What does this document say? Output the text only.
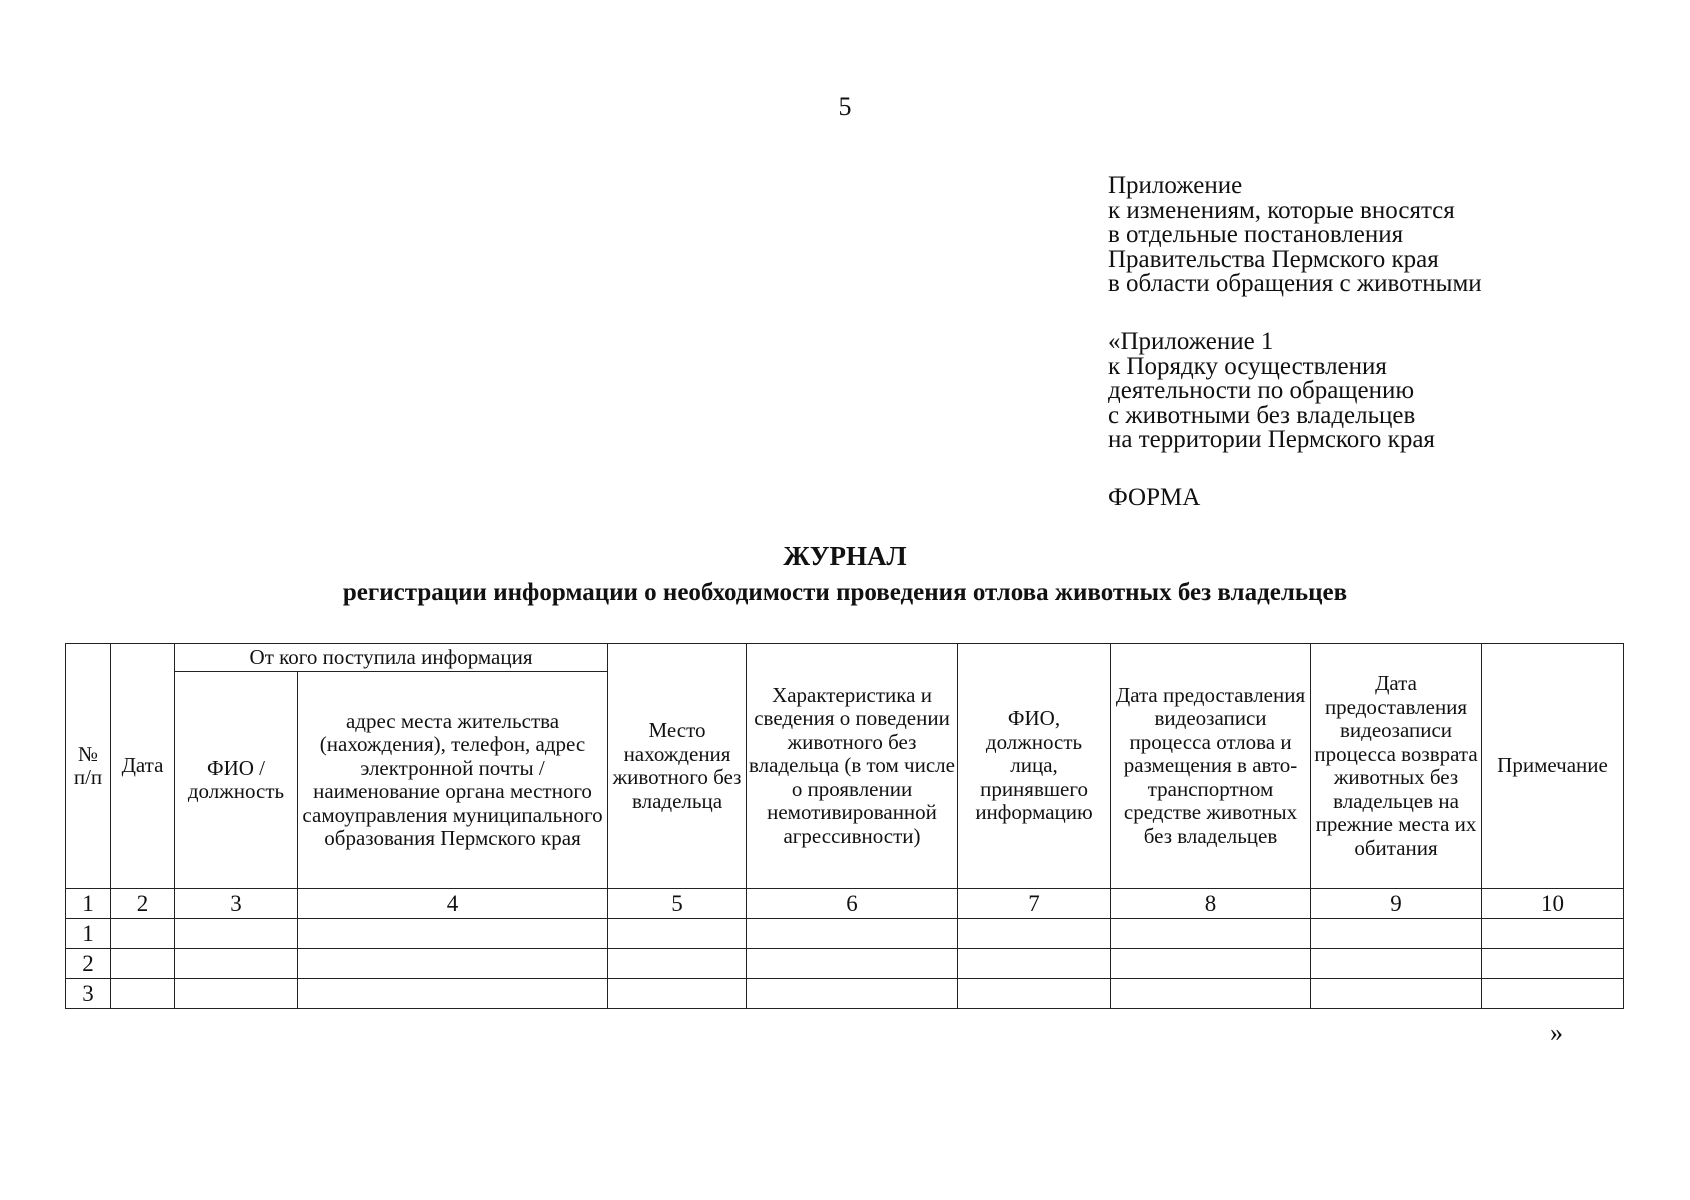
5
Приложение
к изменениям, которые вносятся
в отдельные постановления
Правительства Пермского края
в области обращения с животными
«Приложение 1
к Порядку осуществления
деятельности по обращению
с животными без владельцев
на территории Пермского края
ФОРМА
ЖУРНАЛ
регистрации информации о необходимости проведения отлова животных без владельцев
№ п/п	Дата	От кого поступила информация		Место нахождения животного без владельца	Характеристика и сведения о поведении животного без владельца (в том числе о проявлении немотивированной агрессивности)	ФИО, должность лица, принявшего информацию	Дата предоставления видеозаписи процесса отлова и размещения в авто-транспортном средстве животных без владельцев	Дата предоставления видеозаписи процесса возврата животных без владельцев на прежние места их обитания	Примечание
		ФИО / должность	адрес места жительства (нахождения), телефон, адрес электронной почты / наименование органа местного самоуправления муниципального образования Пермского края						
1	2	3	4	5	6	7	8	9	10
1									
2									
3									
»
